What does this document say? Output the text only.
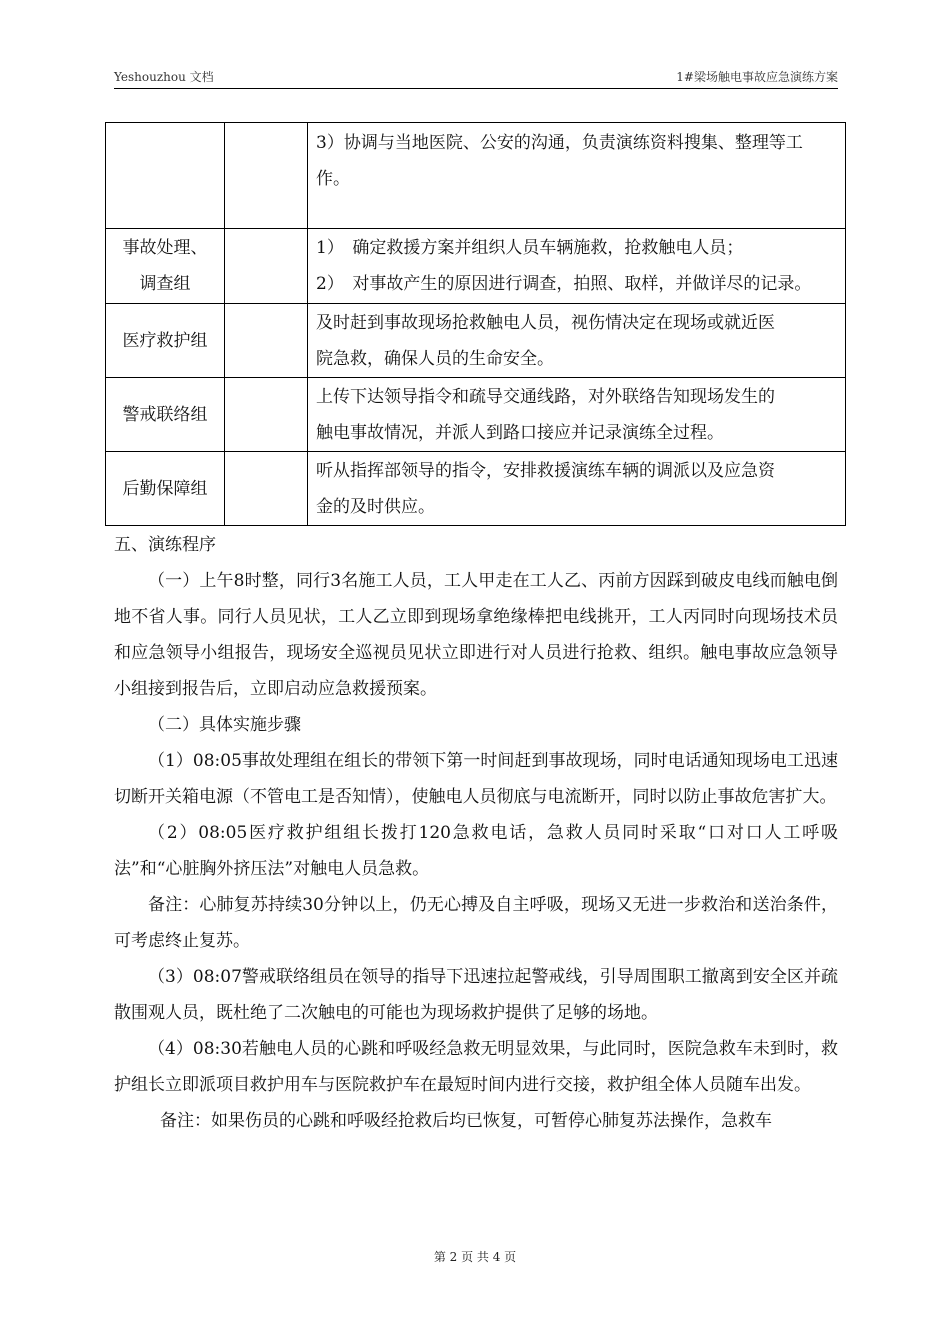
Yeshouzhou 文档	1#梁场触电事故应急演练方案

		3）协调与当地医院、公安的沟通，负责演练资料搜集、整理等工
作。

事故处理、
调查组		1）　确定救援方案并组织人员车辆施救，抢救触电人员；
2）　对事故产生的原因进行调查，拍照、取样，并做详尽的记录。

医疗救护组		及时赶到事故现场抢救触电人员，视伤情决定在现场或就近医
院急救，确保人员的生命安全。

警戒联络组		上传下达领导指令和疏导交通线路，对外联络告知现场发生的
触电事故情况，并派人到路口接应并记录演练全过程。

后勤保障组		听从指挥部领导的指令，安排救援演练车辆的调派以及应急资
金的及时供应。

五、演练程序

（一）上午8时整，同行3名施工人员，工人甲走在工人乙、丙前方因踩到破皮电线而触电倒地不省人事。同行人员见状，工人乙立即到现场拿绝缘棒把电线挑开，工人丙同时向现场技术员和应急领导小组报告，现场安全巡视员见状立即进行对人员进行抢救、组织。触电事故应急领导小组接到报告后，立即启动应急救援预案。

（二）具体实施步骤

（1）08:05事故处理组在组长的带领下第一时间赶到事故现场，同时电话通知现场电工迅速切断开关箱电源（不管电工是否知情），使触电人员彻底与电流断开，同时以防止事故危害扩大。

（2）08:05医疗救护组组长拨打120急救电话，急救人员同时采取“口对口人工呼吸法”和“心脏胸外挤压法”对触电人员急救。

备注：心肺复苏持续30分钟以上，仍无心搏及自主呼吸，现场又无进一步救治和送治条件，可考虑终止复苏。

（3）08:07警戒联络组员在领导的指导下迅速拉起警戒线，引导周围职工撤离到安全区并疏散围观人员，既杜绝了二次触电的可能也为现场救护提供了足够的场地。

（4）08:30若触电人员的心跳和呼吸经急救无明显效果，与此同时，医院急救车未到时，救护组长立即派项目救护用车与医院救护车在最短时间内进行交接，救护组全体人员随车出发。

备注：如果伤员的心跳和呼吸经抢救后均已恢复，可暂停心肺复苏法操作，急救车

第 2 页 共 4 页
